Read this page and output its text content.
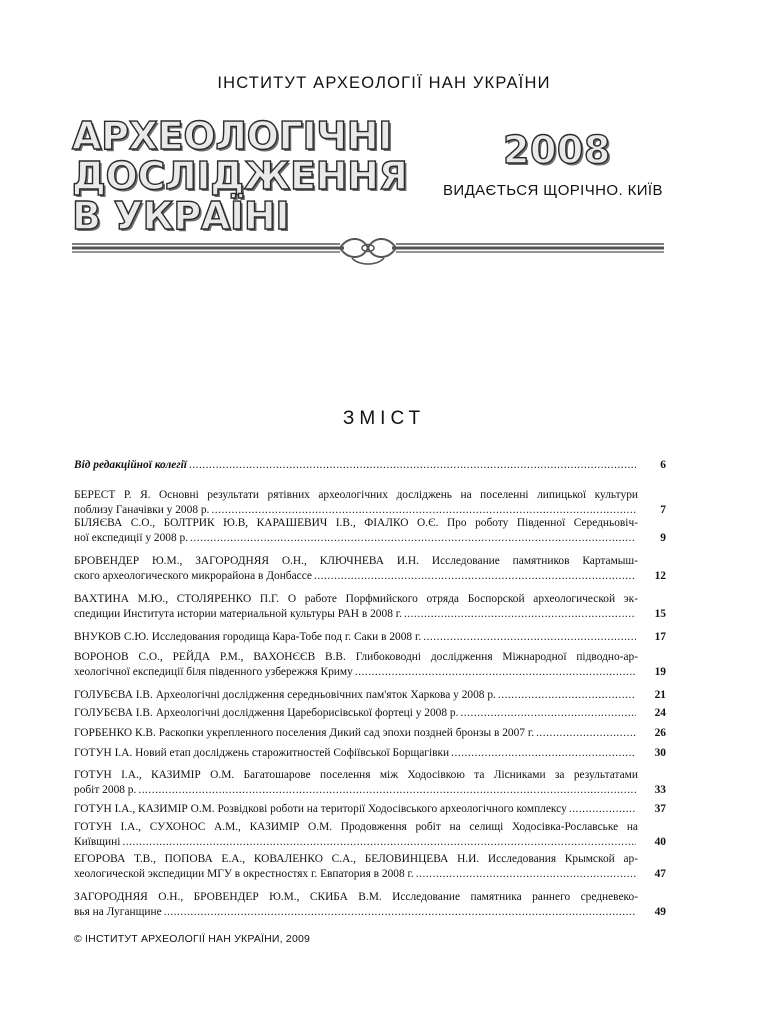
ІНСТИТУТ АРХЕОЛОГІЇ НАН УКРАЇНИ
АРХЕОЛОГІЧНІ
ДОСЛІДЖЕННЯ
В УКРАЇНІ
2008
ВИДАЄТЬСЯ ЩОРІЧНО. КИЇВ
ЗМІСТ
Від редакційної колегії .....	6
БЕРЕСТ Р. Я. Основні результати рятівних археологічних досліджень на поселенні липицької культури
поблизу Ганачівки у 2008 р. .....	7
БІЛЯЄВА С.О., БОЛТРИК Ю.В, КАРАШЕВИЧ І.В., ФІАЛКО О.Є. Про роботу Південної Середньовіч-
ної експедиції у 2008 р. .....	9
БРОВЕНДЕР Ю.М., ЗАГОРОДНЯЯ О.Н., КЛЮЧНЕВА И.Н. Исследование памятников Картамыш-
ского археологического микрорайона в Донбассе .....	12
ВАХТИНА М.Ю., СТОЛЯРЕНКО П.Г. О работе Порфмийского отряда Боспорской археологической эк-
спедиции Института истории материальной культуры РАН в 2008 г. .....	15
ВНУКОВ С.Ю. Исследования городища Кара-Тобе под г. Саки в 2008 г. .....	17
ВОРОНОВ С.О., РЕЙДА Р.М., ВАХОНЄЄВ В.В. Глибоководні дослідження Міжнародної підводно-ар-
хеологічної експедиції біля південного узбережжя Криму .....	19
ГОЛУБЄВА І.В. Археологічні дослідження середньовічних пам'яток Харкова у 2008 р. .....	21
ГОЛУБЄВА І.В. Археологічні дослідження Цареборисівської фортеці у 2008 р. .....	24
ГОРБЕНКО К.В. Раскопки укрепленного поселения Дикий сад эпохи поздней бронзы в 2007 г. .....	26
ГОТУН І.А. Новий етап досліджень старожитностей Софіївської Борщагівки .....	30
ГОТУН І.А., КАЗИМІР О.М. Багатошарове поселення між Ходосівкою та Лісниками за результатами
робіт 2008 р. .....	33
ГОТУН І.А., КАЗИМІР О.М. Розвідкові роботи на території Ходосівського археологічного комплексу .....	37
ГОТУН І.А., СУХОНОС А.М., КАЗИМІР О.М. Продовження робіт на селищі Ходосівка-Рославське на
Київщині .....	40
ЕГОРОВА Т.В., ПОПОВА Е.А., КОВАЛЕНКО С.А., БЕЛОВИНЦЕВА Н.И. Исследования Крымской ар-
хеологической экспедиции МГУ в окрестностях г. Евпатория в 2008 г. .....	47
ЗАГОРОДНЯЯ О.Н., БРОВЕНДЕР Ю.М., СКИБА В.М. Исследование памятника раннего средневеко-
вья на Луганщине .....	49
© ІНСТИТУТ АРХЕОЛОГІЇ НАН УКРАЇНИ, 2009
